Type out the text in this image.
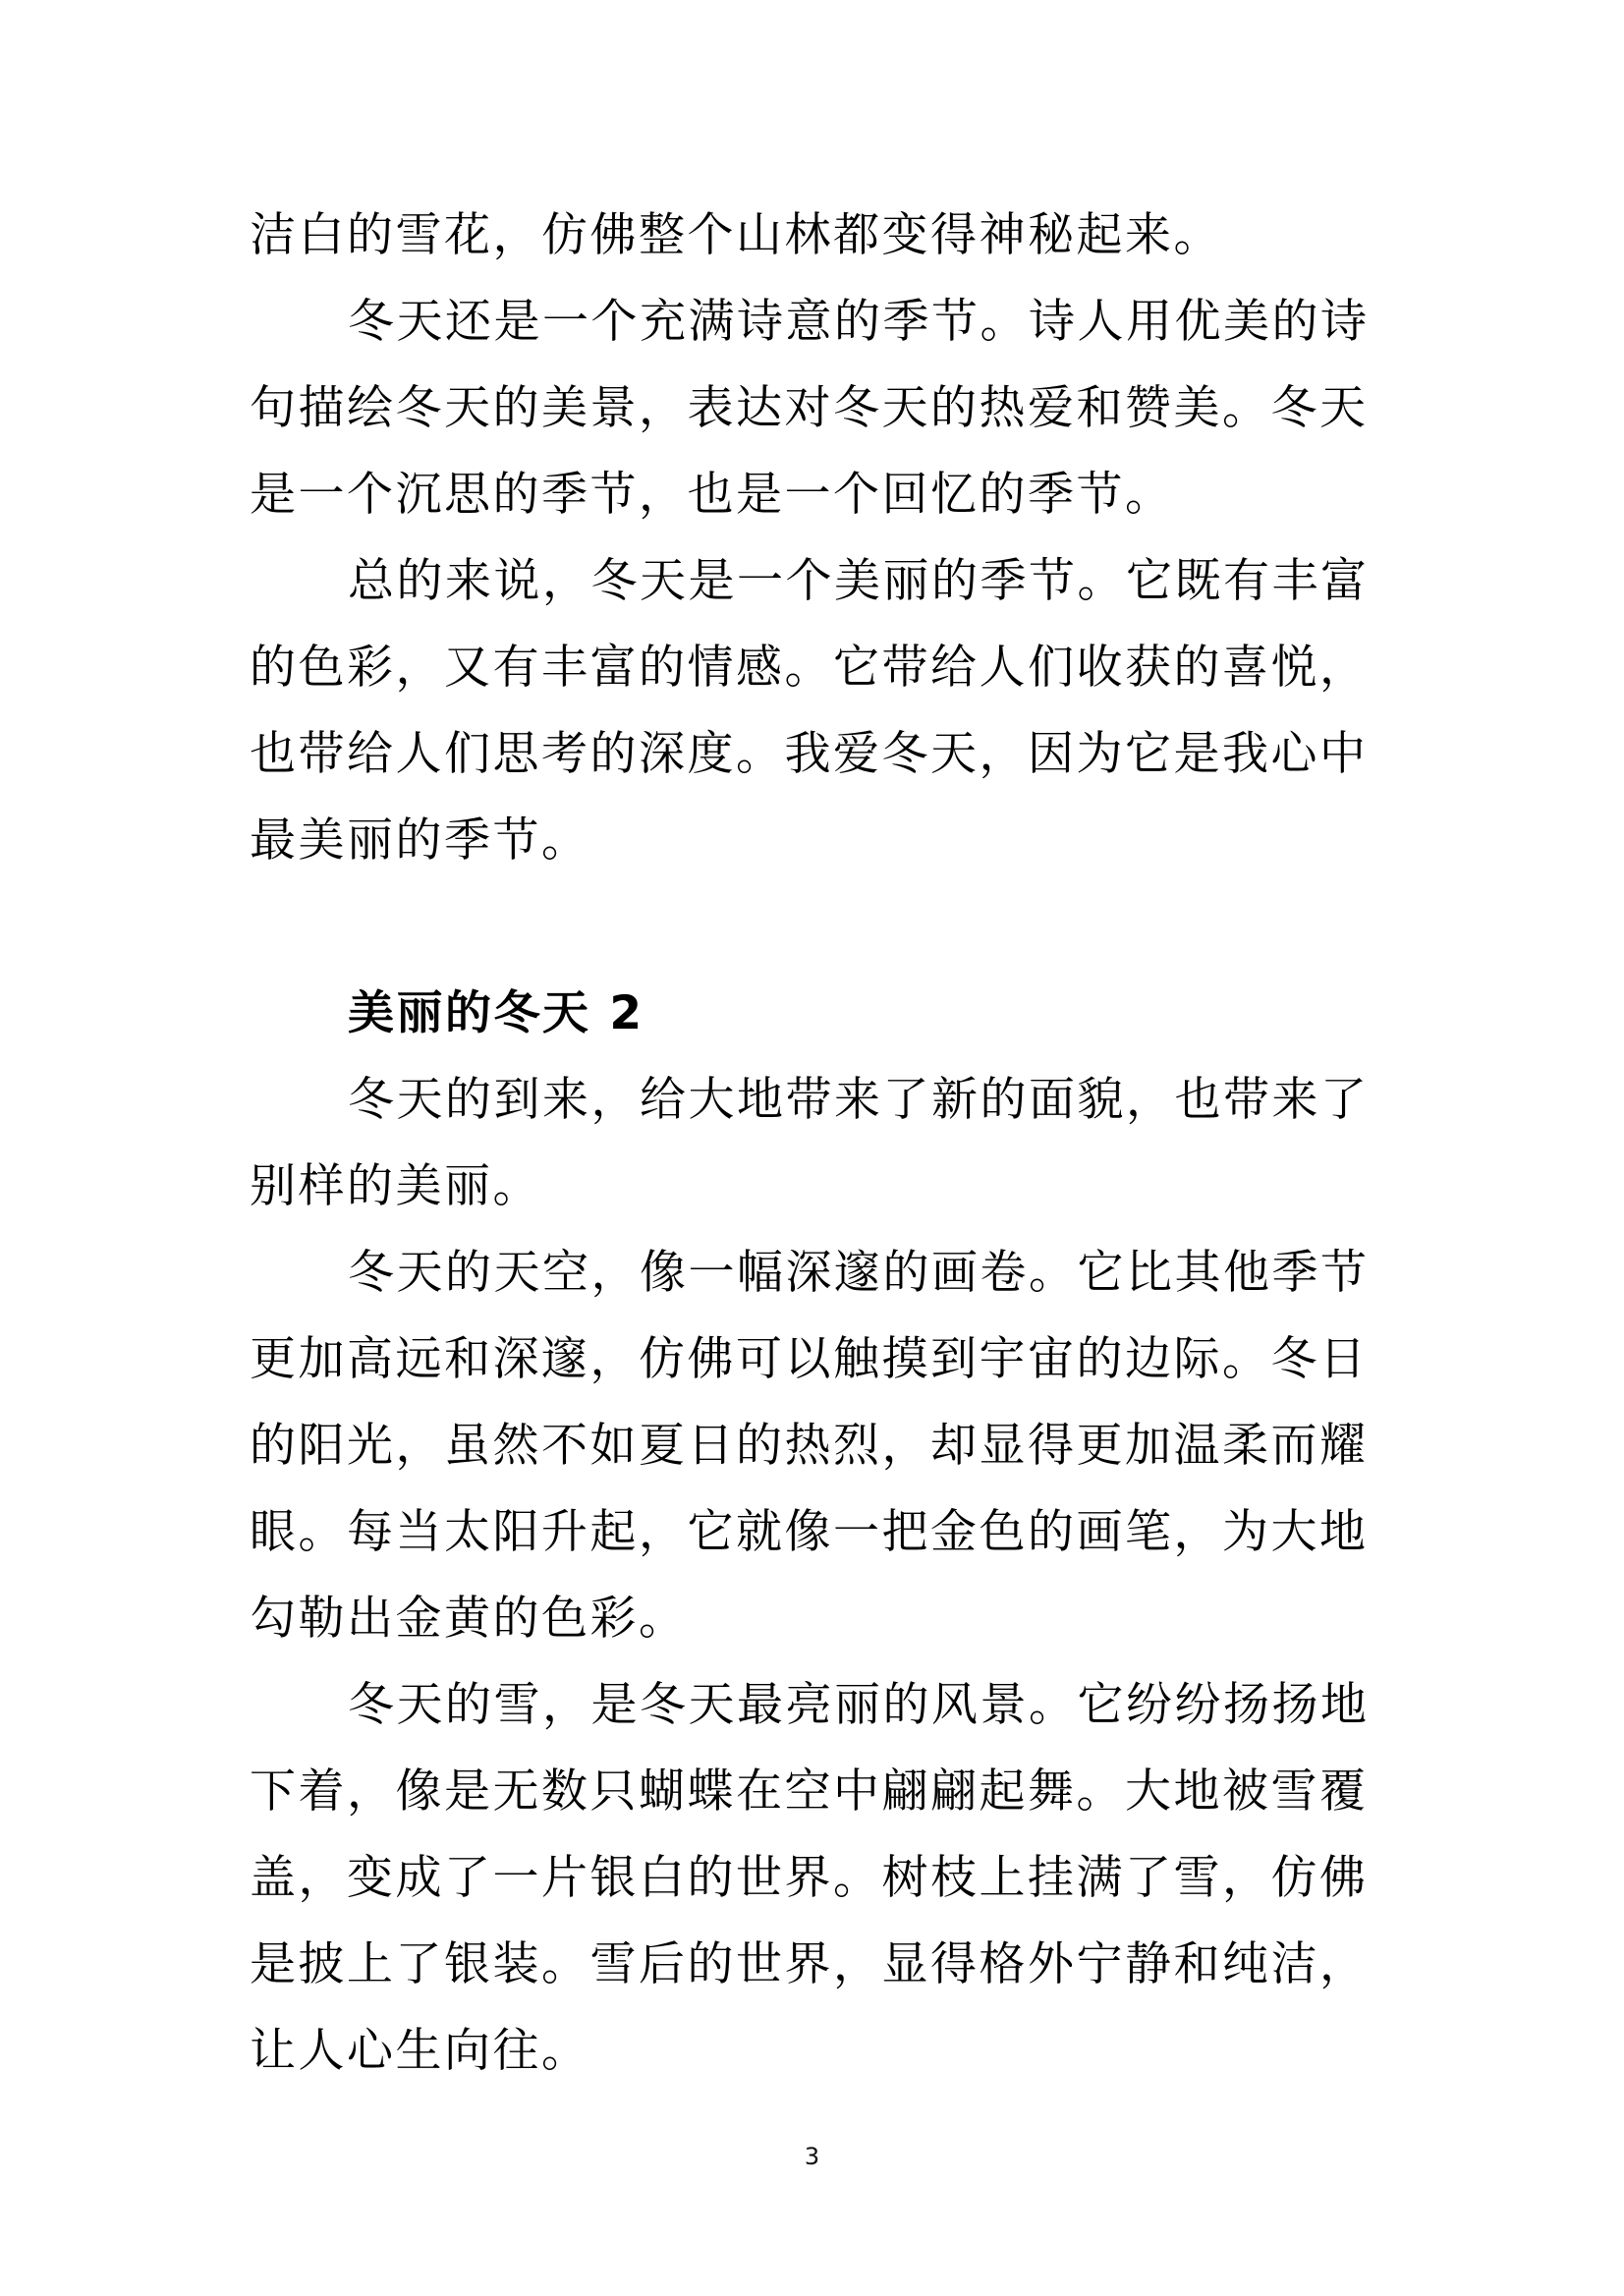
洁白的雪花，仿佛整个山林都变得神秘起来。
冬天还是一个充满诗意的季节。诗人用优美的诗
句描绘冬天的美景，表达对冬天的热爱和赞美。冬天
是一个沉思的季节，也是一个回忆的季节。
总的来说，冬天是一个美丽的季节。它既有丰富
的色彩，又有丰富的情感。它带给人们收获的喜悦，
也带给人们思考的深度。我爱冬天，因为它是我心中
最美丽的季节。
美丽的冬天 2
冬天的到来，给大地带来了新的面貌，也带来了
别样的美丽。
冬天的天空，像一幅深邃的画卷。它比其他季节
更加高远和深邃，仿佛可以触摸到宇宙的边际。冬日
的阳光，虽然不如夏日的热烈，却显得更加温柔而耀
眼。每当太阳升起，它就像一把金色的画笔，为大地
勾勒出金黄的色彩。
冬天的雪，是冬天最亮丽的风景。它纷纷扬扬地
下着，像是无数只蝴蝶在空中翩翩起舞。大地被雪覆
盖，变成了一片银白的世界。树枝上挂满了雪，仿佛
是披上了银装。雪后的世界，显得格外宁静和纯洁，
让人心生向往。
3
